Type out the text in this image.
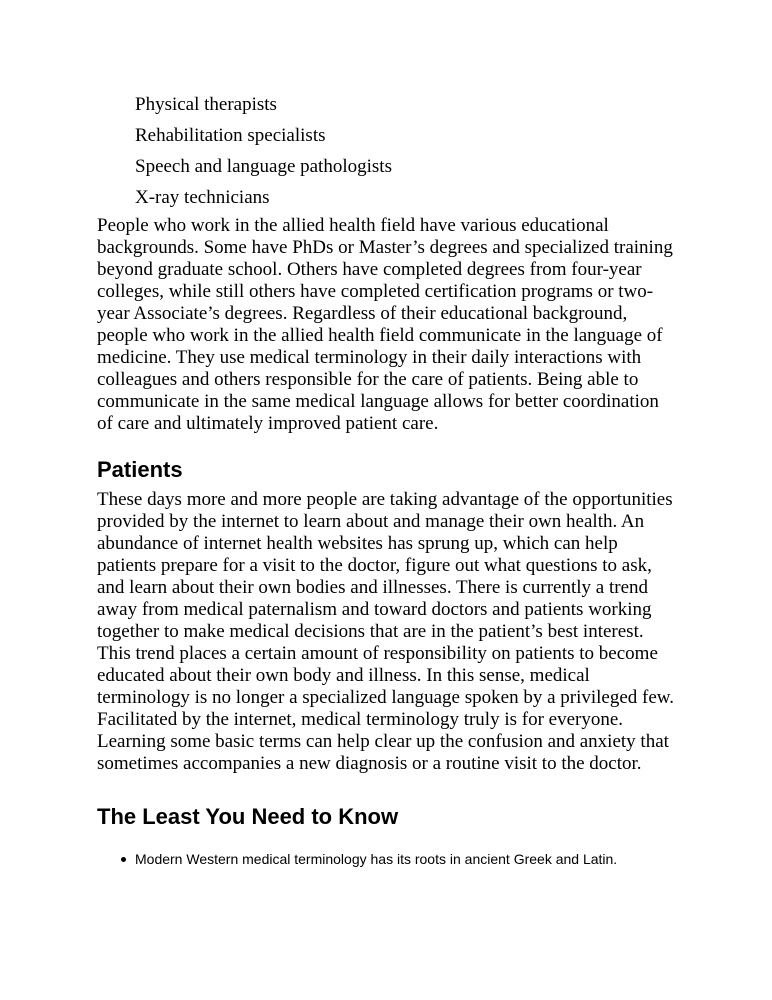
Physical therapists
Rehabilitation specialists
Speech and language pathologists
X-ray technicians

People who work in the allied health field have various educational
backgrounds. Some have PhDs or Master’s degrees and specialized training
beyond graduate school. Others have completed degrees from four-year
colleges, while still others have completed certification programs or two-
year Associate’s degrees. Regardless of their educational background,
people who work in the allied health field communicate in the language of
medicine. They use medical terminology in their daily interactions with
colleagues and others responsible for the care of patients. Being able to
communicate in the same medical language allows for better coordination
of care and ultimately improved patient care.

Patients

These days more and more people are taking advantage of the opportunities
provided by the internet to learn about and manage their own health. An
abundance of internet health websites has sprung up, which can help
patients prepare for a visit to the doctor, figure out what questions to ask,
and learn about their own bodies and illnesses. There is currently a trend
away from medical paternalism and toward doctors and patients working
together to make medical decisions that are in the patient’s best interest.
This trend places a certain amount of responsibility on patients to become
educated about their own body and illness. In this sense, medical
terminology is no longer a specialized language spoken by a privileged few.
Facilitated by the internet, medical terminology truly is for everyone.
Learning some basic terms can help clear up the confusion and anxiety that
sometimes accompanies a new diagnosis or a routine visit to the doctor.

The Least You Need to Know
Modern Western medical terminology has its roots in ancient Greek and Latin.
